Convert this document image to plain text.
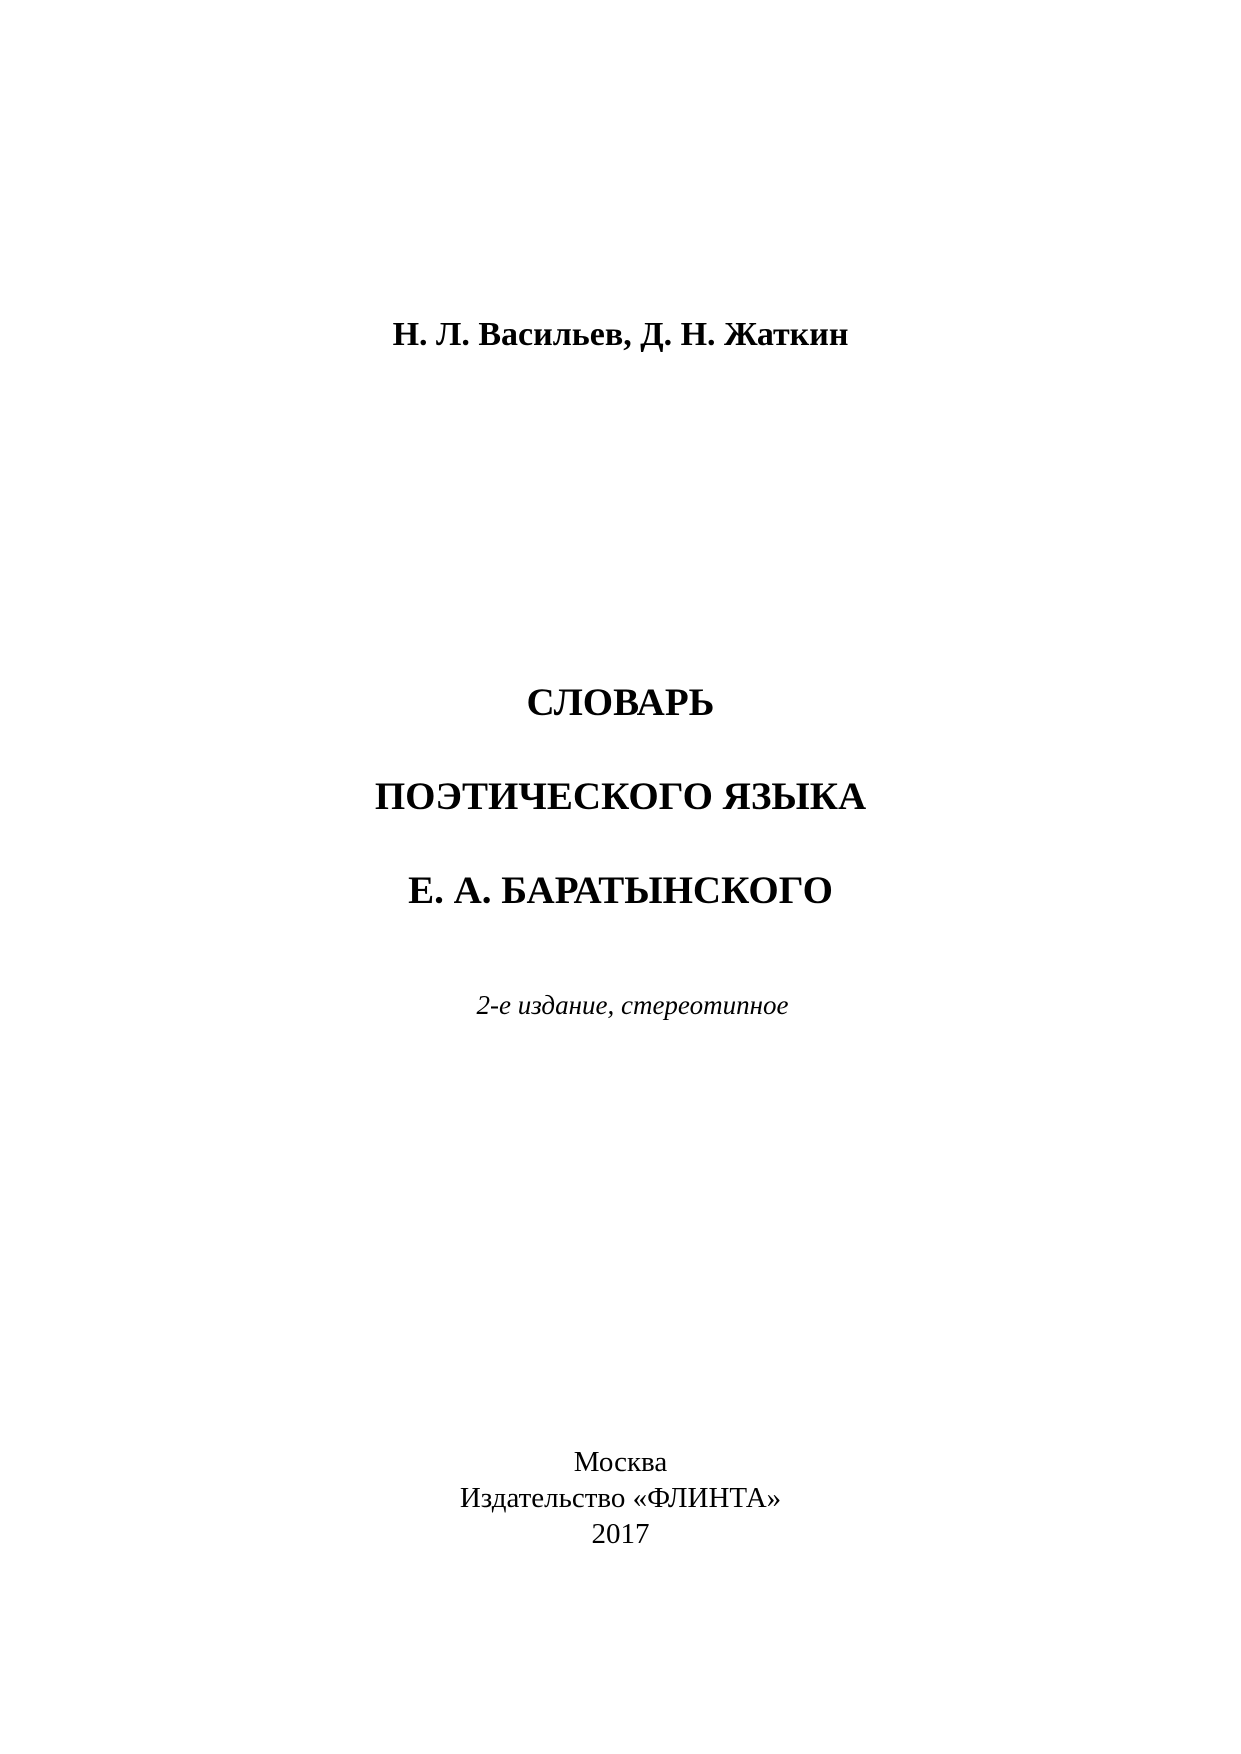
Н. Л. Васильев, Д. Н. Жаткин
СЛОВАРЬ
ПОЭТИЧЕСКОГО ЯЗЫКА
Е. А. БАРАТЫНСКОГО
2-е издание, стереотипное
Москва
Издательство «ФЛИНТА»
2017
